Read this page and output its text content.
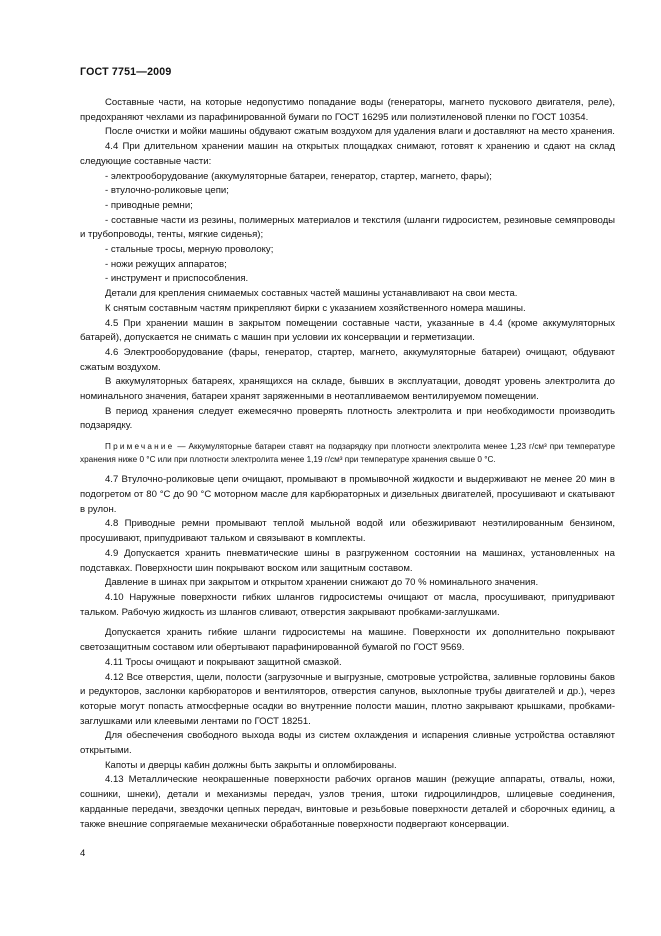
ГОСТ 7751—2009

Составные части, на которые недопустимо попадание воды (генераторы, магнето пускового двигателя, реле), предохраняют чехлами из парафинированной бумаги по ГОСТ 16295 или полиэтиленовой пленки по ГОСТ 10354.

После очистки и мойки машины обдувают сжатым воздухом для удаления влаги и доставляют на место хранения.

4.4 При длительном хранении машин на открытых площадках снимают, готовят к хранению и сдают на склад следующие составные части:

- электрооборудование (аккумуляторные батареи, генератор, стартер, магнето, фары);

- втулочно-роликовые цепи;

- приводные ремни;

- составные части из резины, полимерных материалов и текстиля (шланги гидросистем, резиновые семяпроводы и трубопроводы, тенты, мягкие сиденья);

- стальные тросы, мерную проволоку;

- ножи режущих аппаратов;

- инструмент и приспособления.

Детали для крепления снимаемых составных частей машины устанавливают на свои места.

К снятым составным частям прикрепляют бирки с указанием хозяйственного номера машины.

4.5 При хранении машин в закрытом помещении составные части, указанные в 4.4 (кроме аккумуляторных батарей), допускается не снимать с машин при условии их консервации и герметизации.

4.6 Электрооборудование (фары, генератор, стартер, магнето, аккумуляторные батареи) очищают, обдувают сжатым воздухом.

В аккумуляторных батареях, хранящихся на складе, бывших в эксплуатации, доводят уровень электролита до номинального значения, батареи хранят заряженными в неотапливаемом вентилируемом помещении.

В период хранения следует ежемесячно проверять плотность электролита и при необходимости производить подзарядку.

Примечание — Аккумуляторные батареи ставят на подзарядку при плотности электролита менее 1,23 г/см³ при температуре хранения ниже 0 °С или при плотности электролита менее 1,19 г/см³ при температуре хранения свыше 0 °С.

4.7 Втулочно-роликовые цепи очищают, промывают в промывочной жидкости и выдерживают не менее 20 мин в подогретом от 80 °С до 90 °С моторном масле для карбюраторных и дизельных двигателей, просушивают и скатывают в рулон.

4.8 Приводные ремни промывают теплой мыльной водой или обезжиривают неэтилированным бензином, просушивают, припудривают тальком и связывают в комплекты.

4.9 Допускается хранить пневматические шины в разгруженном состоянии на машинах, установленных на подставках. Поверхности шин покрывают воском или защитным составом.

Давление в шинах при закрытом и открытом хранении снижают до 70 % номинального значения.

4.10 Наружные поверхности гибких шлангов гидросистемы очищают от масла, просушивают, припудривают тальком. Рабочую жидкость из шлангов сливают, отверстия закрывают пробками-заглушками.

Допускается хранить гибкие шланги гидросистемы на машине. Поверхности их дополнительно покрывают светозащитным составом или обертывают парафинированной бумагой по ГОСТ 9569.

4.11 Тросы очищают и покрывают защитной смазкой.

4.12 Все отверстия, щели, полости (загрузочные и выгрузные, смотровые устройства, заливные горловины баков и редукторов, заслонки карбюраторов и вентиляторов, отверстия сапунов, выхлопные трубы двигателей и др.), через которые могут попасть атмосферные осадки во внутренние полости машин, плотно закрывают крышками, пробками-заглушками или клеевыми лентами по ГОСТ 18251.

Для обеспечения свободного выхода воды из систем охлаждения и испарения сливные устройства оставляют открытыми.

Капоты и дверцы кабин должны быть закрыты и опломбированы.

4.13 Металлические неокрашенные поверхности рабочих органов машин (режущие аппараты, отвалы, ножи, сошники, шнеки), детали и механизмы передач, узлов трения, штоки гидроцилиндров, шлицевые соединения, карданные передачи, звездочки цепных передач, винтовые и резьбовые поверхности деталей и сборочных единиц, а также внешние сопрягаемые механически обработанные поверхности подвергают консервации.

4
